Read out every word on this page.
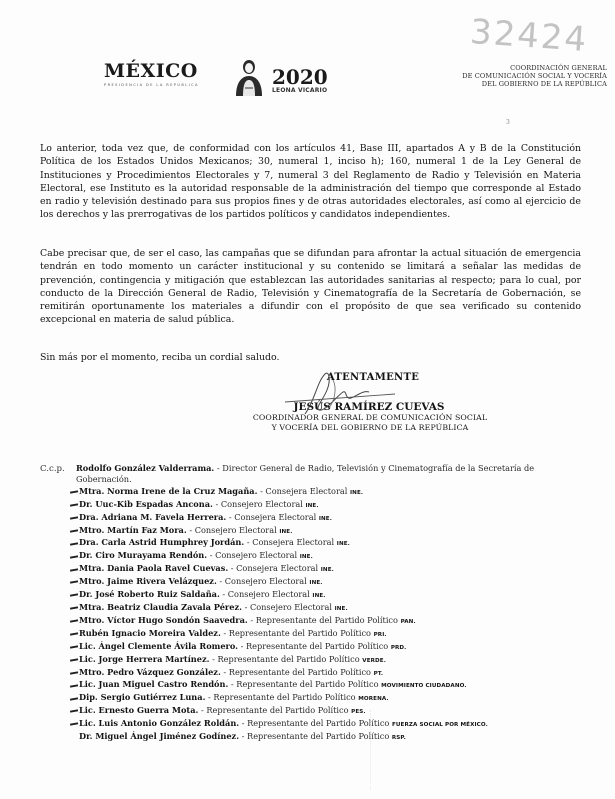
MÉXICO
PRESIDENCIA DE LA REPÚBLICA	2020
LEONA VICARIO
32424
COORDINACIÓN GENERAL
DE COMUNICACIÓN SOCIAL Y VOCERÍA
DEL GOBIERNO DE LA REPÚBLICA
3
Lo anterior, toda vez que, de conformidad con los artículos 41, Base III, apartados A y B de la Constitución Política de los Estados Unidos Mexicanos; 30, numeral 1, inciso h); 160, numeral 1 de la Ley General de Instituciones y Procedimientos Electorales y 7, numeral 3 del Reglamento de Radio y Televisión en Materia Electoral, ese Instituto es la autoridad responsable de la administración del tiempo que corresponde al Estado en radio y televisión destinado para sus propios fines y de otras autoridades electorales, así como al ejercicio de los derechos y las prerrogativas de los partidos políticos y candidatos independientes.
Cabe precisar que, de ser el caso, las campañas que se difundan para afrontar la actual situación de emergencia tendrán en todo momento un carácter institucional y su contenido se limitará a señalar las medidas de prevención, contingencia y mitigación que establezcan las autoridades sanitarias al respecto; para lo cual, por conducto de la Dirección General de Radio, Televisión y Cinematografía de la Secretaría de Gobernación, se remitirán oportunamente los materiales a difundir con el propósito de que sea verificado su contenido excepcional en materia de salud pública.
Sin más por el momento, reciba un cordial saludo.
ATENTAMENTE
JESÚS RAMÍREZ CUEVAS
COORDINADOR GENERAL DE COMUNICACIÓN SOCIAL
Y VOCERÍA DEL GOBIERNO DE LA REPÚBLICA
C.c.p.	Rodolfo González Valderrama. - Director General de Radio, Televisión y Cinematografía de la Secretaría de Gobernación.
Mtra. Norma Irene de la Cruz Magaña. - Consejera Electoral INE.
Dr. Uuc-Kib Espadas Ancona. - Consejero Electoral INE.
Dra. Adriana M. Favela Herrera. - Consejera Electoral INE.
Mtro. Martín Faz Mora. - Consejero Electoral INE.
Dra. Carla Astrid Humphrey Jordán. - Consejera Electoral INE.
Dr. Ciro Murayama Rendón. - Consejero Electoral INE.
Mtra. Dania Paola Ravel Cuevas. - Consejera Electoral INE.
Mtro. Jaime Rivera Velázquez. - Consejero Electoral INE.
Dr. José Roberto Ruiz Saldaña. - Consejero Electoral INE.
Mtra. Beatriz Claudia Zavala Pérez. - Consejero Electoral INE.
Mtro. Víctor Hugo Sondón Saavedra. - Representante del Partido Político PAN.
Rubén Ignacio Moreira Valdez. - Representante del Partido Político PRI.
Lic. Ángel Clemente Ávila Romero. - Representante del Partido Político PRD.
Lic. Jorge Herrera Martínez. - Representante del Partido Político VERDE.
Mtro. Pedro Vázquez González. - Representante del Partido Político PT.
Lic. Juan Miguel Castro Rendón. - Representante del Partido Político MOVIMIENTO CIUDADANO.
Dip. Sergio Gutiérrez Luna. - Representante del Partido Político MORENA.
Lic. Ernesto Guerra Mota. - Representante del Partido Político PES.
Lic. Luis Antonio González Roldán. - Representante del Partido Político FUERZA SOCIAL POR MÉXICO.
Dr. Miguel Ángel Jiménez Godínez. - Representante del Partido Político RSP.
